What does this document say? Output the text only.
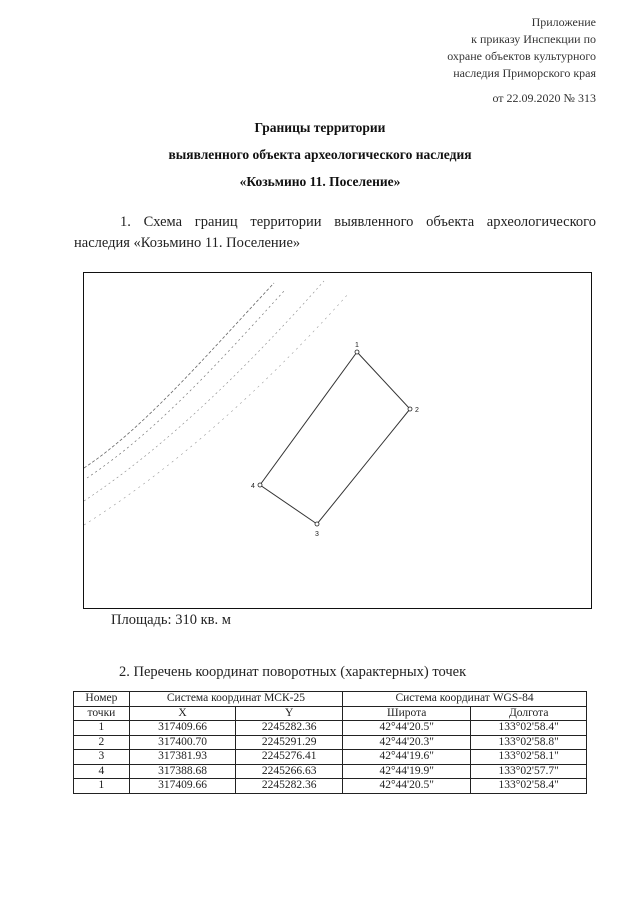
Приложение
к приказу Инспекции по
охране объектов культурного
наследия Приморского края
от 22.09.2020 № 313
Границы территории
выявленного объекта археологического наследия
«Козьмино 11. Поселение»
1. Схема границ территории выявленного объекта археологического наследия «Козьмино 11. Поселение»
1
2
3
4
Площадь: 310 кв. м
2. Перечень координат поворотных (характерных) точек
Номер	Система координат МСК-25		Система координат WGS-84	
точки	X	Y	Широта	Долгота
1	317409.66	2245282.36	42°44'20.5"	133°02'58.4"
2	317400.70	2245291.29	42°44'20.3"	133°02'58.8"
3	317381.93	2245276.41	42°44'19.6"	133°02'58.1"
4	317388.68	2245266.63	42°44'19.9"	133°02'57.7"
1	317409.66	2245282.36	42°44'20.5"	133°02'58.4"
